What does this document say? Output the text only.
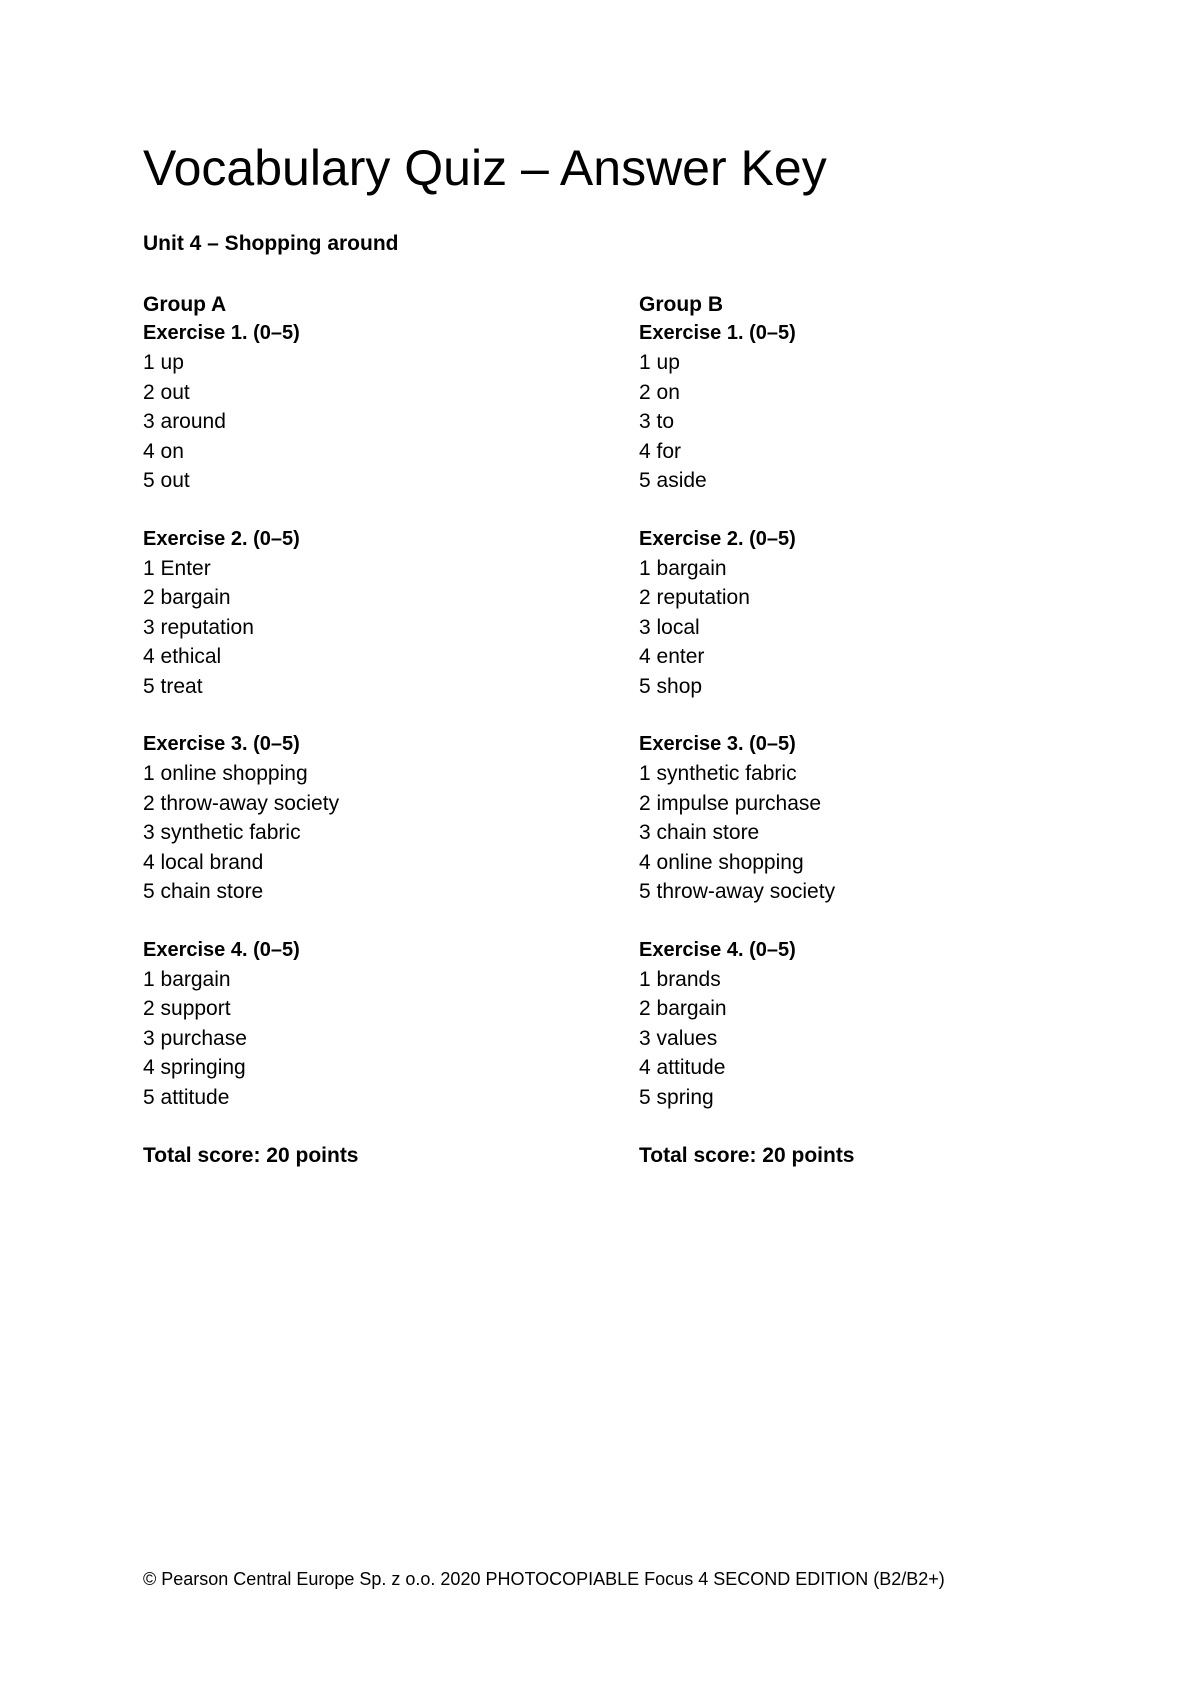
Vocabulary Quiz – Answer Key

Unit 4 – Shopping around

Group A

Exercise 1. (0–5)

1 up
2 out
3 around
4 on
5 out

Exercise 2. (0–5)

1 Enter
2 bargain
3 reputation
4 ethical
5 treat

Exercise 3. (0–5)

1 online shopping
2 throw-away society
3 synthetic fabric
4 local brand
5 chain store

Exercise 4. (0–5)

1 bargain
2 support
3 purchase
4 springing
5 attitude

Total score: 20 points

Group B

Exercise 1. (0–5)

1 up
2 on
3 to
4 for
5 aside

Exercise 2. (0–5)

1 bargain
2 reputation
3 local
4 enter
5 shop

Exercise 3. (0–5)

1 synthetic fabric
2 impulse purchase
3 chain store
4 online shopping
5 throw-away society

Exercise 4. (0–5)

1 brands
2 bargain
3 values
4 attitude
5 spring

Total score: 20 points

© Pearson Central Europe Sp. z o.o. 2020 PHOTOCOPIABLE Focus 4 SECOND EDITION (B2/B2+)
